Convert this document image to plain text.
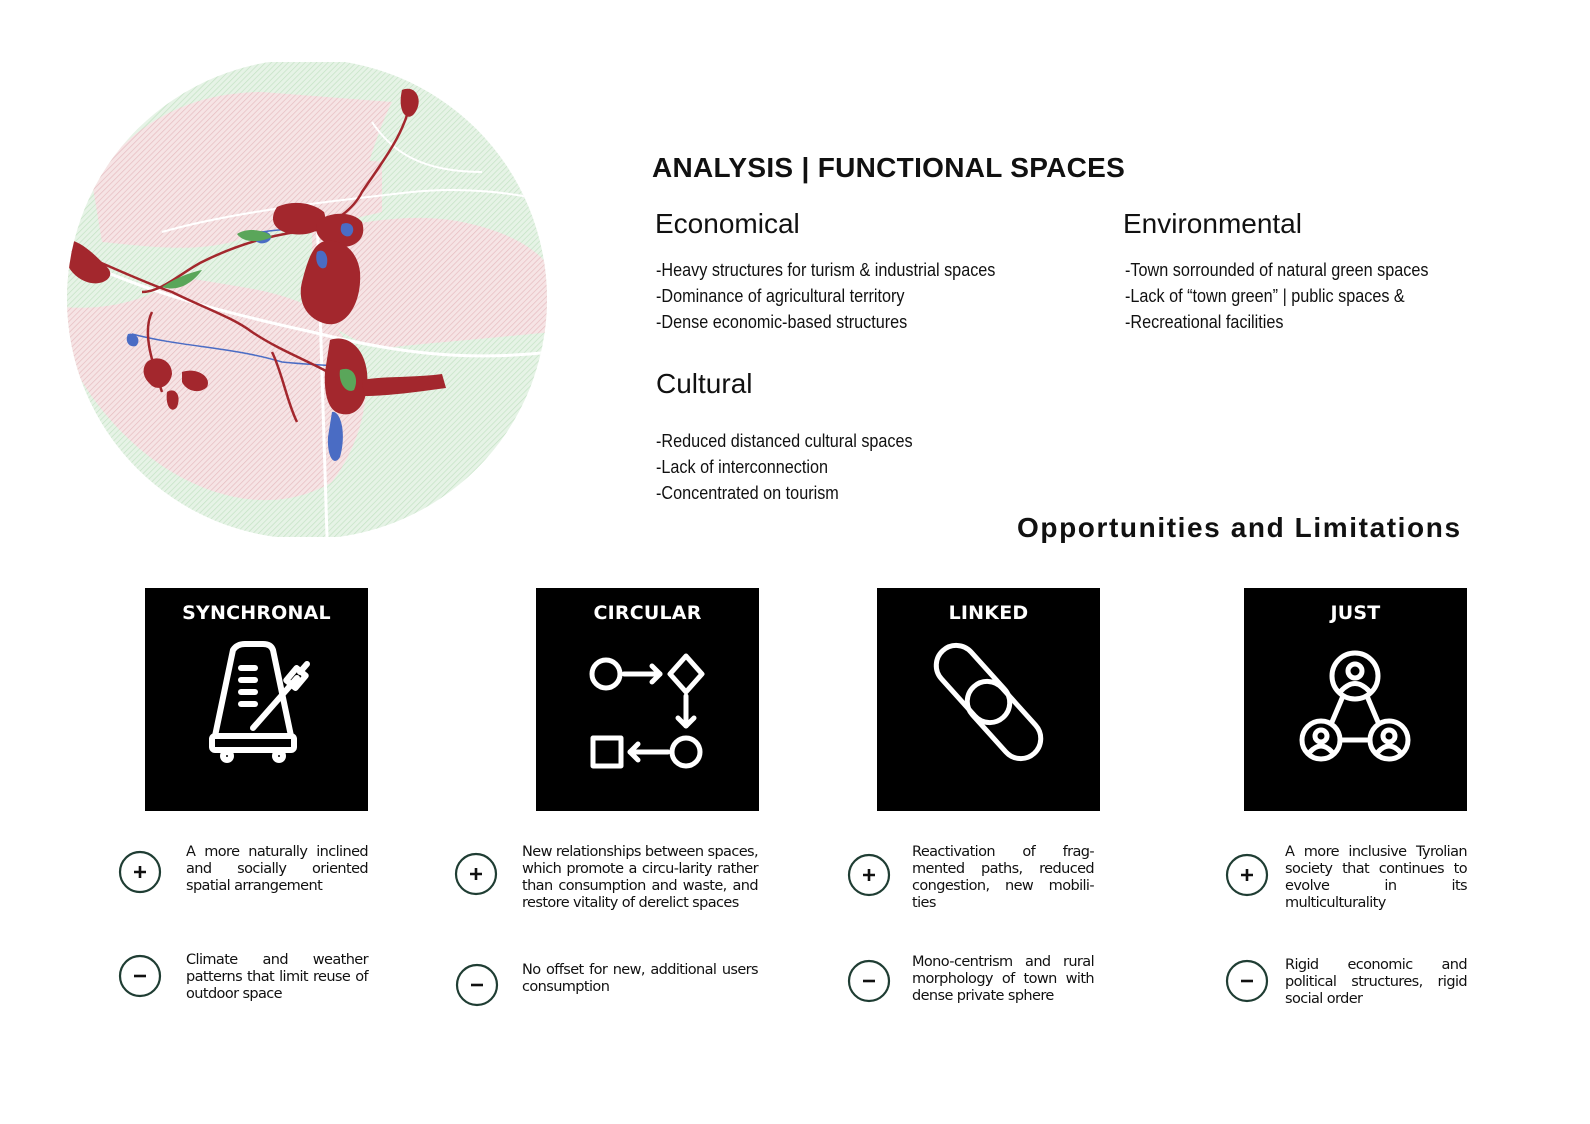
ANALYSIS | FUNCTIONAL SPACES
Economical
-Heavy structures for turism & industrial spaces
-Dominance of agricultural territory
-Dense economic-based structures
Environmental
-Town sorrounded of natural green spaces
-Lack of “town green” | public spaces &
-Recreational facilities
Cultural
-Reduced distanced cultural spaces
-Lack of interconnection
-Concentrated on tourism
Opportunities and Limitations
SYNCHRONAL	CIRCULAR	LINKED	JUST

A more naturally inclined and socially oriented spatial arrangement

Climate and weather patterns that limit reuse of outdoor space

New relationships between spaces, which promote a circu-larity rather than consumption and waste, and restore vitality of derelict spaces

No offset for new, additional users consumption

Reactivation of frag-mented paths, reduced congestion, new mobili-ties

Mono-centrism and rural morphology of town with dense private sphere

A more inclusive Tyrolian society that continues to evolve in its multiculturality

Rigid economic and political structures, rigid social order
